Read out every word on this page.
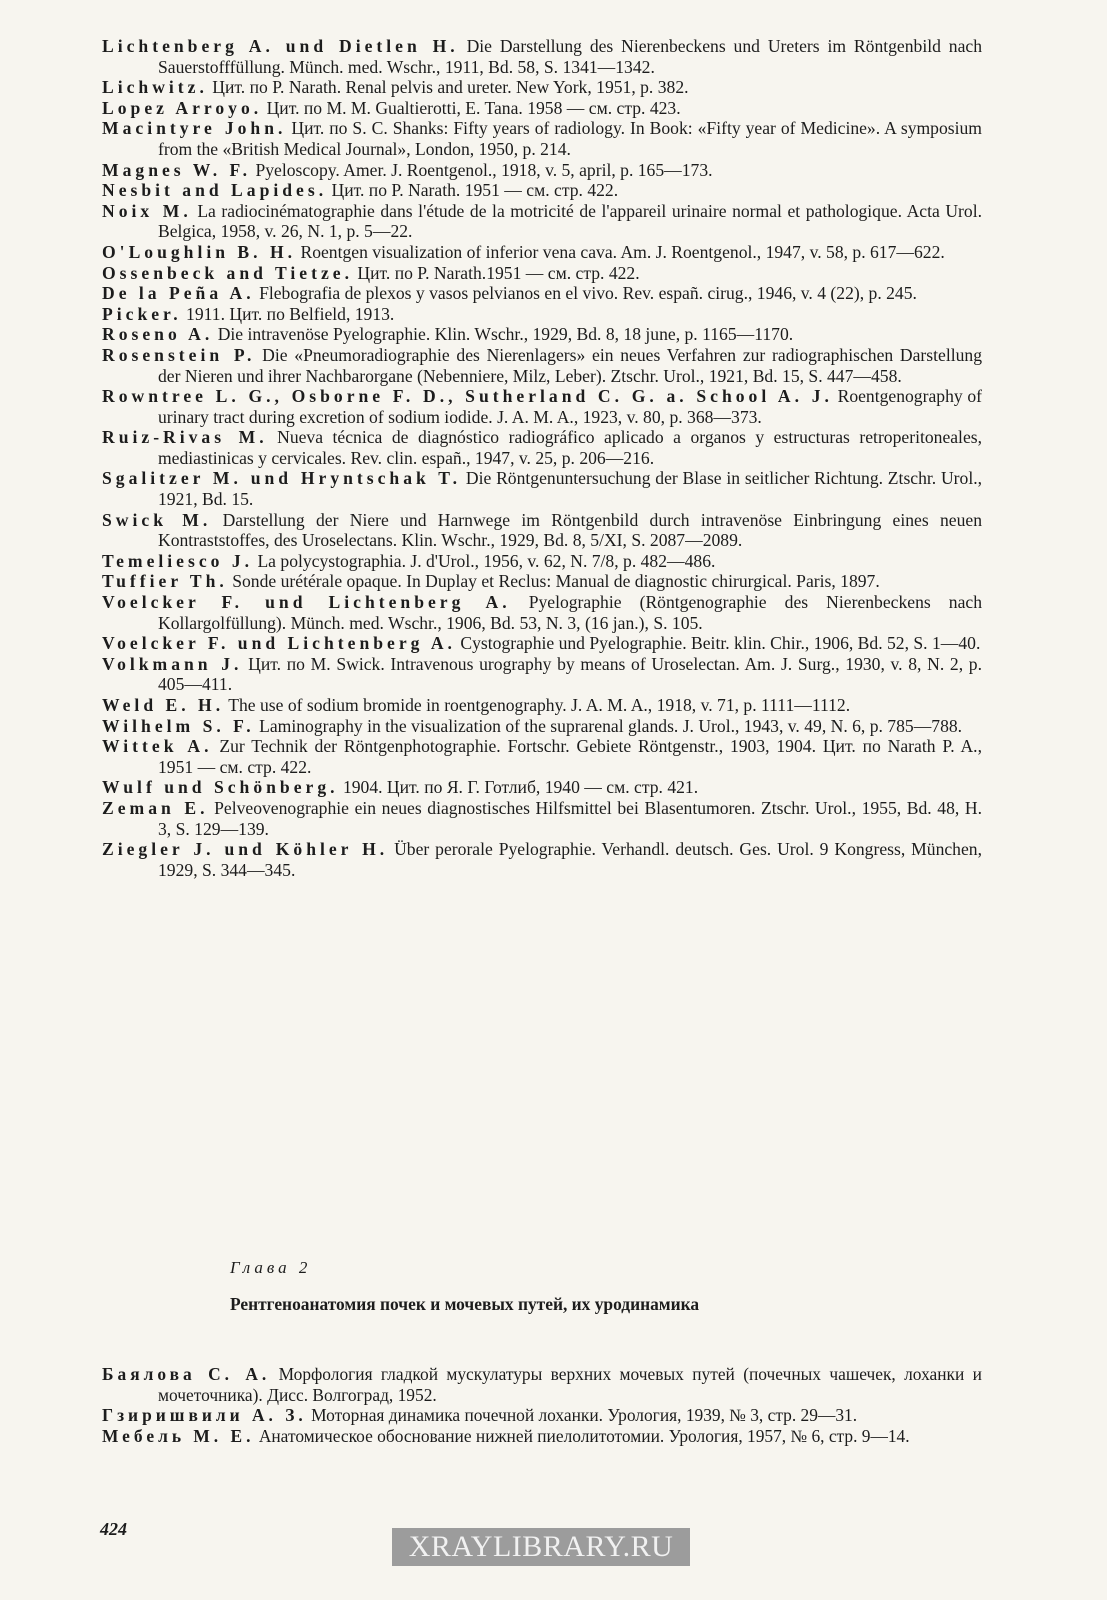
Lichtenberg A. und Dietlen H. Die Darstellung des Nierenbeckens und Ureters im Röntgenbild nach Sauerstofffüllung. Münch. med. Wschr., 1911, Bd. 58, S. 1341—1342.

Lichwitz. Цит. по P. Narath. Renal pelvis and ureter. New York, 1951, p. 382.

Lopez Arroyo. Цит. по М. М. Gualtierotti, E. Tana. 1958 — см. стр. 423.

Macintyre John. Цит. по S. C. Shanks: Fifty years of radiology. In Book: «Fifty year of Medicine». A symposium from the «British Medical Journal», London, 1950, p. 214.

Magnes W. F. Pyeloscopy. Amer. J. Roentgenol., 1918, v. 5, april, p. 165—173.

Nesbit and Lapides. Цит. по P. Narath. 1951 — см. стр. 422.

Noix M. La radiocinématographie dans l'étude de la motricité de l'appareil urinaire normal et pathologique. Acta Urol. Belgica, 1958, v. 26, N. 1, p. 5—22.

O'Loughlin B. H. Roentgen visualization of inferior vena cava. Am. J. Roentgenol., 1947, v. 58, p. 617—622.

Ossenbeck and Tietze. Цит. по P. Narath.1951 — см. стр. 422.

De la Peña A. Flebografia de plexos y vasos pelvianos en el vivo. Rev. españ. cirug., 1946, v. 4 (22), p. 245.

Picker. 1911. Цит. по Belfield, 1913.

Roseno A. Die intravenöse Pyelographie. Klin. Wschr., 1929, Bd. 8, 18 june, p. 1165—1170.

Rosenstein P. Die «Pneumoradiographie des Nierenlagers» ein neues Verfahren zur radiographischen Darstellung der Nieren und ihrer Nachbarorgane (Nebenniere, Milz, Leber). Ztschr. Urol., 1921, Bd. 15, S. 447—458.

Rowntree L. G., Osborne F. D., Sutherland C. G. a. School A. J. Roentgenography of urinary tract during excretion of sodium iodide. J. A. M. A., 1923, v. 80, p. 368—373.

Ruiz-Rivas M. Nueva técnica de diagnóstico radiográfico aplicado a organos y estructuras retroperitoneales, mediastinicas y cervicales. Rev. clin. españ., 1947, v. 25, p. 206—216.

Sgalitzer M. und Hryntschak T. Die Röntgenuntersuchung der Blase in seitlicher Richtung. Ztschr. Urol., 1921, Bd. 15.

Swick M. Darstellung der Niere und Harnwege im Röntgenbild durch intravenöse Einbringung eines neuen Kontraststoffes, des Uroselectans. Klin. Wschr., 1929, Bd. 8, 5/XI, S. 2087—2089.

Temeliesco J. La polycystographia. J. d'Urol., 1956, v. 62, N. 7/8, p. 482—486.

Tuffier Th. Sonde urétérale opaque. In Duplay et Reclus: Manual de diagnostic chirurgical. Paris, 1897.

Voelcker F. und Lichtenberg A. Pyelographie (Röntgenographie des Nierenbeckens nach Kollargolfüllung). Münch. med. Wschr., 1906, Bd. 53, N. 3, (16 jan.), S. 105.

Voelcker F. und Lichtenberg A. Cystographie und Pyelographie. Beitr. klin. Chir., 1906, Bd. 52, S. 1—40.

Volkmann J. Цит. по M. Swick. Intravenous urography by means of Uroselectan. Am. J. Surg., 1930, v. 8, N. 2, p. 405—411.

Weld E. H. The use of sodium bromide in roentgenography. J. A. M. A., 1918, v. 71, p. 1111—1112.

Wilhelm S. F. Laminography in the visualization of the suprarenal glands. J. Urol., 1943, v. 49, N. 6, p. 785—788.

Wittek A. Zur Technik der Röntgenphotographie. Fortschr. Gebiete Röntgenstr., 1903, 1904. Цит. по Narath P. A., 1951 — см. стр. 422.

Wulf und Schönberg. 1904. Цит. по Я. Г. Готлиб, 1940 — см. стр. 421.

Zeman E. Pelveovenographie ein neues diagnostisches Hilfsmittel bei Blasentumoren. Ztschr. Urol., 1955, Bd. 48, H. 3, S. 129—139.

Ziegler J. und Köhler H. Über perorale Pyelographie. Verhandl. deutsch. Ges. Urol. 9 Kongress, München, 1929, S. 344—345.

Глава 2

Рентгеноанатомия почек и мочевых путей, их уродинамика

Баялова С. А. Морфология гладкой мускулатуры верхних мочевых путей (почечных чашечек, лоханки и мочеточника). Дисс. Волгоград, 1952.

Гзиришвили А. З. Моторная динамика почечной лоханки. Урология, 1939, № 3, стр. 29—31.

Мебель М. Е. Анатомическое обоснование нижней пиелолитотомии. Урология, 1957, № 6, стр. 9—14.

424

XRAYLIBRARY.RU
